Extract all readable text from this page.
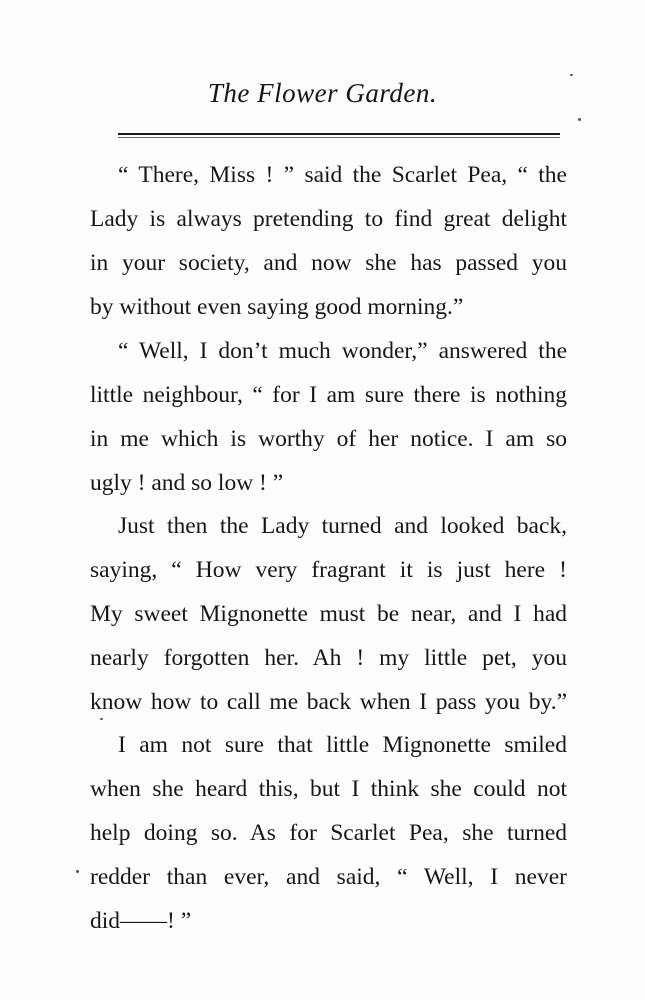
The Flower Garden.
“ There, Miss ! ” said the Scarlet Pea, “ the
Lady is always pretending to find great delight
in your society, and now she has passed you
by without even saying good morning.”
“ Well, I don’t much wonder,” answered the
little neighbour, “ for I am sure there is nothing
in me which is worthy of her notice. I am so
ugly ! and so low ! ”
Just then the Lady turned and looked back,
saying, “ How very fragrant it is just here !
My sweet Mignonette must be near, and I had
nearly forgotten her. Ah ! my little pet, you
know how to call me back when I pass you by.”
I am not sure that little Mignonette smiled
when she heard this, but I think she could not
help doing so. As for Scarlet Pea, she turned
redder than ever, and said, “ Well, I never
did——! ”
